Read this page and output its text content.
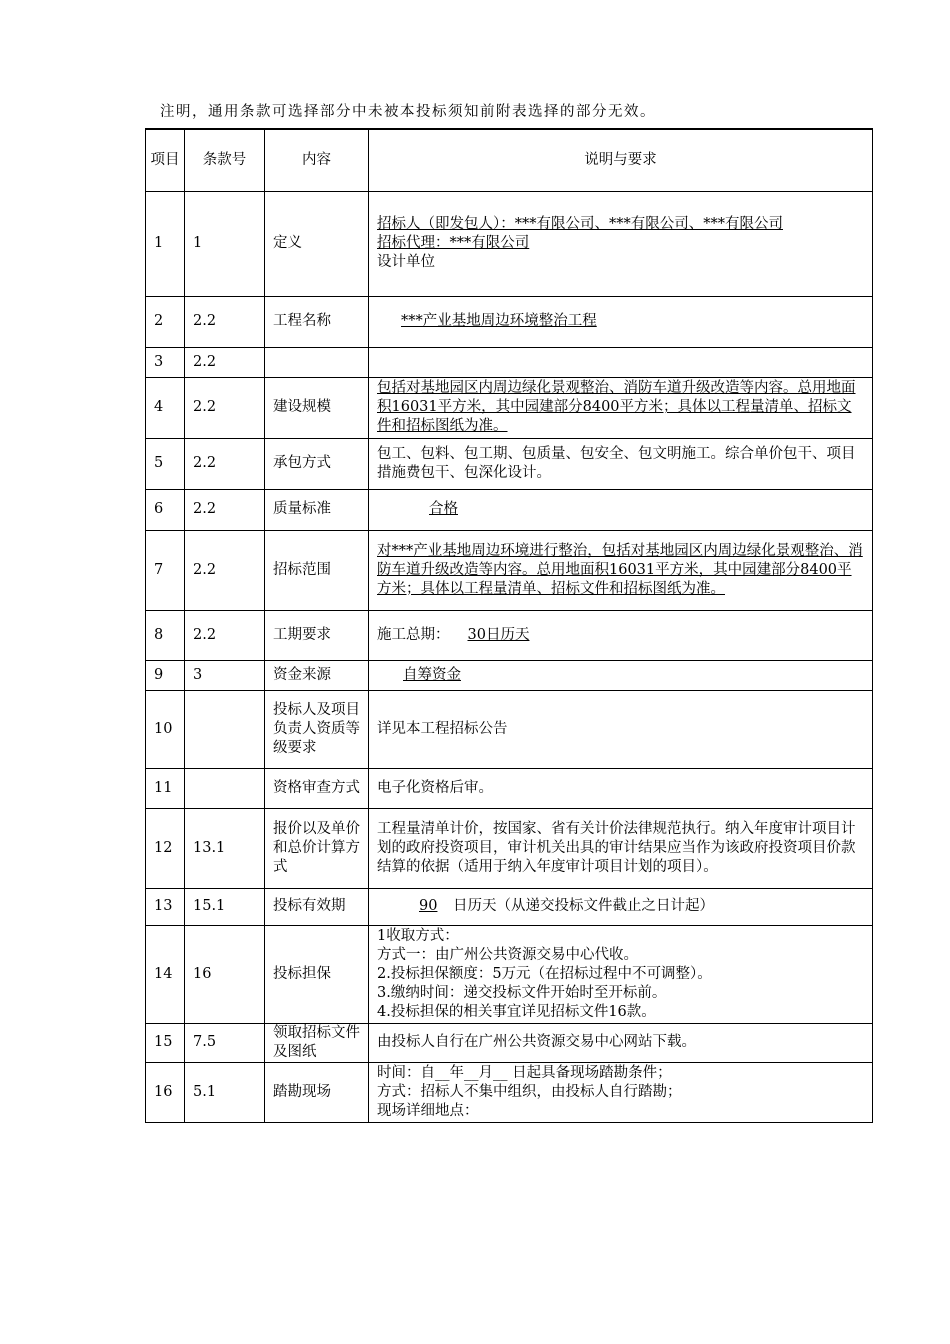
注明，通用条款可选择部分中未被本投标须知前附表选择的部分无效。
项目	条款号	内容	说明与要求
1	1	定义	招标人（即发包人）：***有限公司、***有限公司、***有限公司
招标代理：***有限公司
设计单位

2	2.2	工程名称	***产业基地周边环境整治工程
3	2.2		
4	2.2	建设规模	包括对基地园区内周边绿化景观整治、消防车道升级改造等内容。总用地面积16031平方米，其中园建部分8400平方米；具体以工程量清单、招标文件和招标图纸为准。
5	2.2	承包方式	包工、包料、包工期、包质量、包安全、包文明施工。综合单价包干、项目措施费包干、包深化设计。
6	2.2	质量标准	合格
7	2.2	招标范围	对***产业基地周边环境进行整治，包括对基地园区内周边绿化景观整治、消防车道升级改造等内容。总用地面积16031平方米，其中园建部分8400平方米；具体以工程量清单、招标文件和招标图纸为准。
8	2.2	工期要求	施工总期： 30日历天
9	3	资金来源	自筹资金
10		投标人及项目负责人资质等级要求	详见本工程招标公告
11		资格审查方式	电子化资格后审。
12	13.1	报价以及单价和总价计算方式	工程量清单计价，按国家、省有关计价法律规范执行。纳入年度审计项目计划的政府投资项目，审计机关出具的审计结果应当作为该政府投资项目价款结算的依据（适用于纳入年度审计项目计划的项目）。
13	15.1	投标有效期	90 日历天（从递交投标文件截止之日计起）
14	16	投标担保	1收取方式：
方式一：由广州公共资源交易中心代收。
2.投标担保额度：5万元（在招标过程中不可调整）。
3.缴纳时间：递交投标文件开始时至开标前。
4.投标担保的相关事宜详见招标文件16款。

15	7.5	领取招标文件及图纸	由投标人自行在广州公共资源交易中心网站下载。
16	5.1	踏勘现场	时间：自__年__月__ 日起具备现场踏勘条件；
方式：招标人不集中组织，由投标人自行踏勘；
现场详细地点：
